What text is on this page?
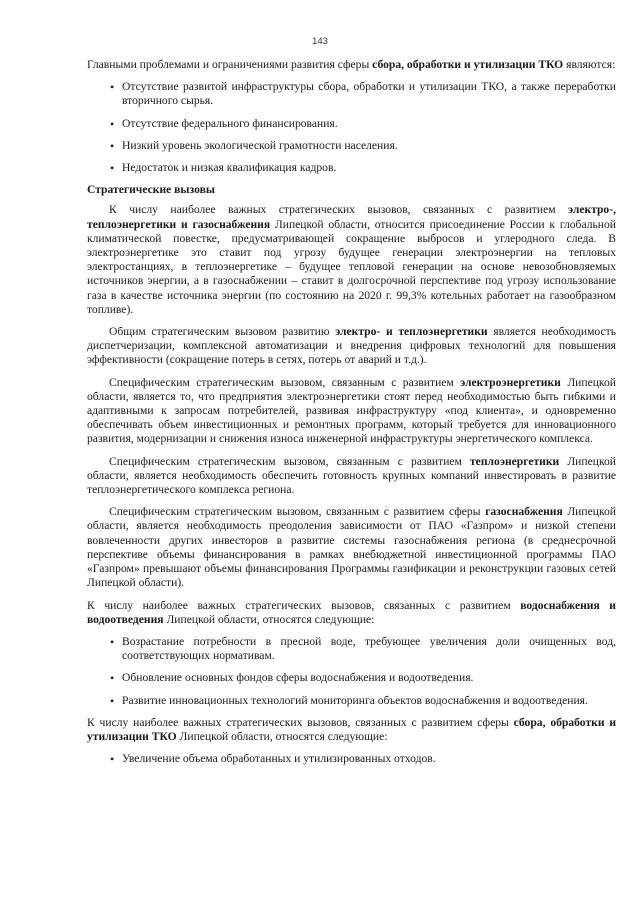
143

Главными проблемами и ограничениями развития сферы сбора, обработки и утилизации ТКО являются:

• Отсутствие развитой инфраструктуры сбора, обработки и утилизации ТКО, а также переработки вторичного сырья.
• Отсутствие федерального финансирования.
• Низкий уровень экологической грамотности населения.
• Недостаток и низкая квалификация кадров.
Стратегические вызовы

К числу наиболее важных стратегических вызовов, связанных с развитием электро-, теплоэнергетики и газоснабжения Липецкой области, относится присоединение России к глобальной климатической повестке, предусматривающей сокращение выбросов и углеродного следа. В электроэнергетике это ставит под угрозу будущее генерации электроэнергии на тепловых электростанциях, в теплоэнергетике – будущее тепловой генерации на основе невозобновляемых источников энергии, а в газоснабжении – ставит в долгосрочной перспективе под угрозу использование газа в качестве источника энергии (по состоянию на 2020 г. 99,3% котельных работает на газообразном топливе).

Общим стратегическим вызовом развитию электро- и теплоэнергетики является необходимость диспетчеризации, комплексной автоматизации и внедрения цифровых технологий для повышения эффективности (сокращение потерь в сетях, потерь от аварий и т.д.).

Специфическим стратегическим вызовом, связанным с развитием электроэнергетики Липецкой области, является то, что предприятия электроэнергетики стоят перед необходимостью быть гибкими и адаптивными к запросам потребителей, развивая инфраструктуру «под клиента», и одновременно обеспечивать объем инвестиционных и ремонтных программ, который требуется для инновационного развития, модернизации и снижения износа инженерной инфраструктуры энергетического комплекса.

Специфическим стратегическим вызовом, связанным с развитием теплоэнергетики Липецкой области, является необходимость обеспечить готовность крупных компаний инвестировать в развитие теплоэнергетического комплекса региона.

Специфическим стратегическим вызовом, связанным с развитием сферы газоснабжения Липецкой области, является необходимость преодоления зависимости от ПАО «Газпром» и низкой степени вовлеченности других инвесторов в развитие системы газоснабжения региона (в среднесрочной перспективе объемы финансирования в рамках внебюджетной инвестиционной программы ПАО «Газпром» превышают объемы финансирования Программы газификации и реконструкции газовых сетей Липецкой области).

К числу наиболее важных стратегических вызовов, связанных с развитием водоснабжения и водоотведения Липецкой области, относятся следующие:

• Возрастание потребности в пресной воде, требующее увеличения доли очищенных вод, соответствующих нормативам.
• Обновление основных фондов сферы водоснабжения и водоотведения.
• Развитие инновационных технологий мониторинга объектов водоснабжения и водоотведения.

К числу наиболее важных стратегических вызовов, связанных с развитием сферы сбора, обработки и утилизации ТКО Липецкой области, относятся следующие:

• Увеличение объема обработанных и утилизированных отходов.
